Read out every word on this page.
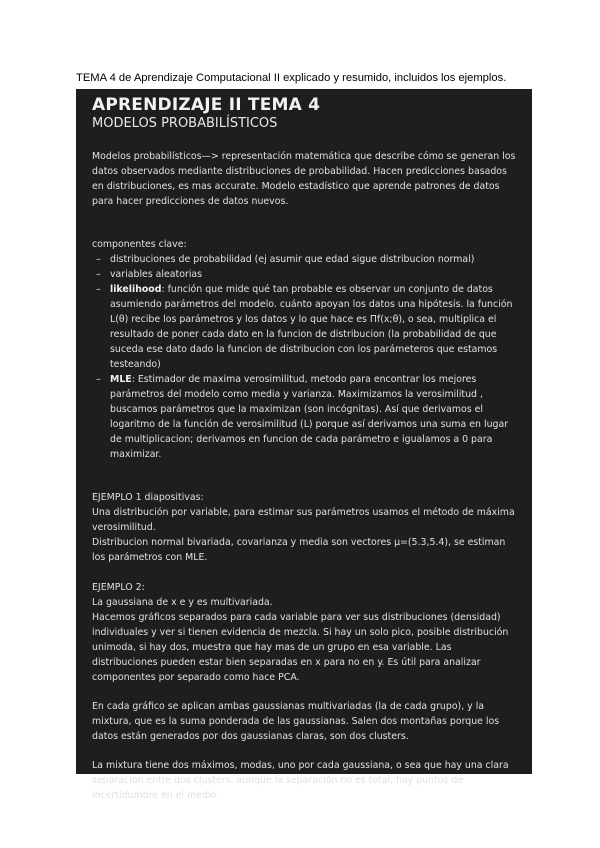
TEMA 4 de Aprendizaje Computacional II explicado y resumido, incluidos los ejemplos.
APRENDIZAJE II TEMA 4
MODELOS PROBABILÍSTICOS

Modelos probabilísticos—> representación matemática que describe cómo se generan los datos observados mediante distribuciones de probabilidad. Hacen predicciones basados en distribuciones, es mas accurate. Modelo estadístico que aprende patrones de datos para hacer predicciones de datos nuevos.

componentes clave:

– distribuciones de probabilidad (ej asumir que edad sigue distribucion normal)
– variables aleatorias
– likelihood: función que mide qué tan probable es observar un conjunto de datos asumiendo parámetros del modelo. cuánto apoyan los datos una hipótesis. la función L(θ) recibe los parámetros y los datos y lo que hace es Πf(x;θ), o sea, multiplica el resultado de poner cada dato en la funcion de distribucion (la probabilidad de que suceda ese dato dado la funcion de distribucion con los parámeteros que estamos testeando)
– MLE: Estimador de maxima verosimilitud, metodo para encontrar los mejores parámetros del modelo como media y varianza. Maximizamos la verosimilitud , buscamos parámetros que la maximizan (son incógnitas). Así que derivamos el logaritmo de la función de verosimilitud (L) porque así derivamos una suma en lugar de multiplicacion; derivamos en funcion de cada parámetro e igualamos a 0 para maximizar.

EJEMPLO 1 diapositivas:

Una distribución por variable, para estimar sus parámetros usamos el método de máxima verosimilitud.

Distribucion normal bivariada, covarianza y media son vectores μ=(5.3,5.4), se estiman los parámetros con MLE.

EJEMPLO 2:

La gaussiana de x e y es multivariada.

Hacemos gráficos separados para cada variable para ver sus distribuciones (densidad) individuales y ver si tienen evidencia de mezcla. Si hay un solo pico, posible distribución unimoda, si hay dos, muestra que hay mas de un grupo en esa variable. Las distribuciones pueden estar bien separadas en x para no en y. Es útil para analizar componentes por separado como hace PCA.

En cada gráfico se aplican ambas gaussianas multivariadas (la de cada grupo), y la mixtura, que es la suma ponderada de las gaussianas. Salen dos montañas porque los datos están generados por dos gaussianas claras, son dos clusters.

La mixtura tiene dos máximos, modas, uno por cada gaussiana, o sea que hay una clara separacion entre dos clusters, aunque la separación no es total, hay puntos de incertidumbre en el medio.
